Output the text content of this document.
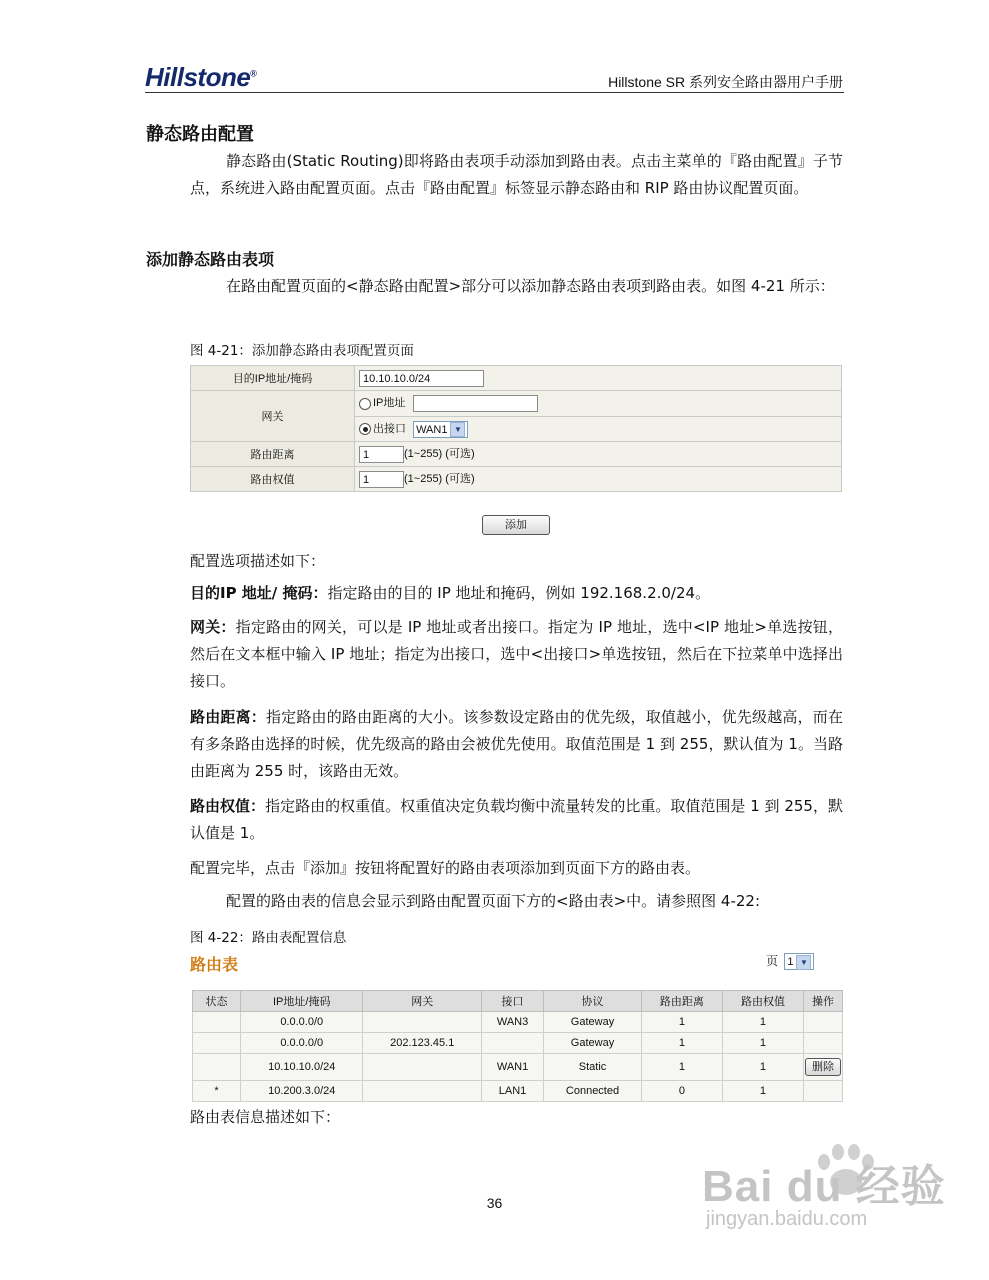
Hillstone®
Hillstone SR 系列安全路由器用户手册
静态路由配置
静态路由(Static Routing)即将路由表项手动添加到路由表。点击主菜单的『路由配置』子节点，系统进入路由配置页面。点击『路由配置』标签显示静态路由和 RIP 路由协议配置页面。
添加静态路由表项
在路由配置页面的<静态路由配置>部分可以添加静态路由表项到路由表。如图 4-21 所示：
图 4-21：添加静态路由表项配置页面
目的IP地址/掩码	10.10.10.0/24
网关	IP地址
	出接口 WAN1 ▼
路由距离	1 (1~255) (可选)
路由权值	1 (1~255) (可选)
添加
配置选项描述如下：
目的IP 地址/ 掩码：指定路由的目的 IP 地址和掩码，例如 192.168.2.0/24。
网关：指定路由的网关，可以是 IP 地址或者出接口。指定为 IP 地址，选中<IP 地址>单选按钮，然后在文本框中输入 IP 地址；指定为出接口，选中<出接口>单选按钮，然后在下拉菜单中选择出接口。
路由距离：指定路由的路由距离的大小。该参数设定路由的优先级，取值越小，优先级越高，而在有多条路由选择的时候，优先级高的路由会被优先使用。取值范围是 1 到 255，默认值为 1。当路由距离为 255 时，该路由无效。
路由权值：指定路由的权重值。权重值决定负载均衡中流量转发的比重。取值范围是 1 到 255，默认值是 1。
配置完毕，点击『添加』按钮将配置好的路由表项添加到页面下方的路由表。
配置的路由表的信息会显示到路由配置页面下方的<路由表>中。请参照图 4-22:
图 4-22：路由表配置信息
路由表	页 1 ▼
状态	IP地址/掩码	网关	接口	协议	路由距离	路由权值	操作
	0.0.0.0/0		WAN3	Gateway	1	1	
	0.0.0.0/0	202.123.45.1		Gateway	1	1	
	10.10.10.0/24		WAN1	Static	1	1	删除
*	10.200.3.0/24		LAN1	Connected	0	1	
路由表信息描述如下：
36	Bai du 经验
jingyan.baidu.com
